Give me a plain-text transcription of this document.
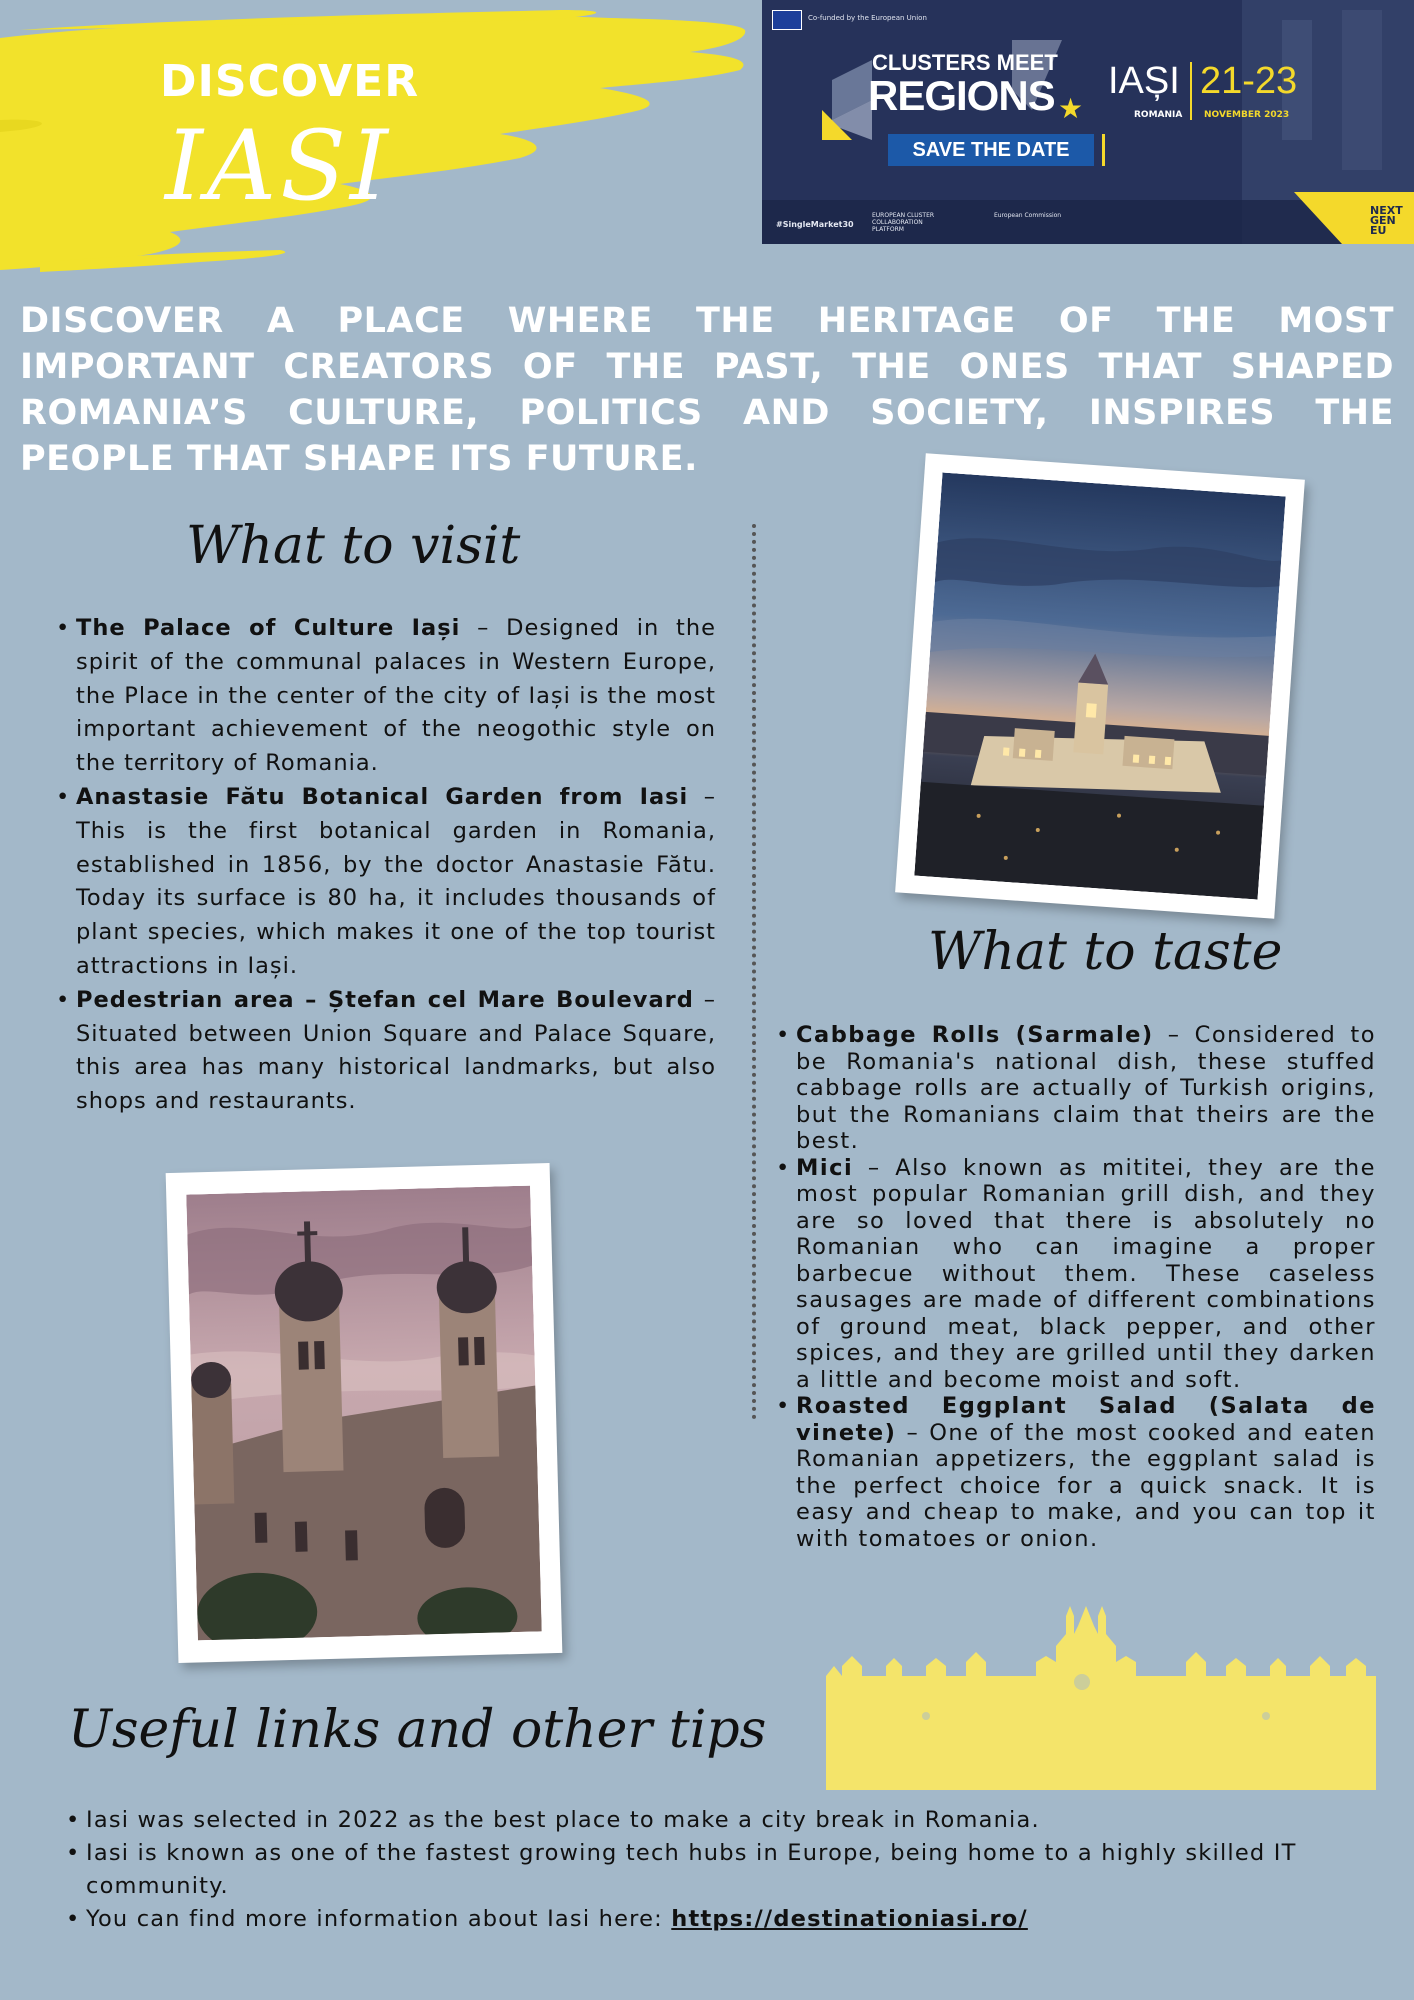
DISCOVER
IASI
Co-funded by the European Union
CLUSTERS MEET
REGIONS ★
SAVE THE DATE
IAȘI 21-23
ROMANIA NOVEMBER 2023
#SingleMarket30
EUROPEAN CLUSTER COLLABORATION PLATFORM
European Commission	NEXT GEN EU
DISCOVER A PLACE WHERE THE HERITAGE OF THE MOST IMPORTANT CREATORS OF THE PAST, THE ONES THAT SHAPED ROMANIA’S CULTURE, POLITICS AND SOCIETY, INSPIRES THE PEOPLE THAT SHAPE ITS FUTURE.
What to visit
• The Palace of Culture Iași – Designed in the spirit of the communal palaces in Western Europe, the Place in the center of the city of Iași is the most important achievement of the neogothic style on the territory of Romania.
• Anastasie Fătu Botanical Garden from Iasi – This is the first botanical garden in Romania, established in 1856, by the doctor Anastasie Fătu. Today its surface is 80 ha, it includes thousands of plant species, which makes it one of the top tourist attractions in Iași.
• Pedestrian area – Ștefan cel Mare Boulevard – Situated between Union Square and Palace Square, this area has many historical landmarks, but also shops and restaurants.
What to taste
• Cabbage Rolls (Sarmale) – Considered to be Romania's national dish, these stuffed cabbage rolls are actually of Turkish origins, but the Romanians claim that theirs are the best.
• Mici – Also known as mititei, they are the most popular Romanian grill dish, and they are so loved that there is absolutely no Romanian who can imagine a proper barbecue without them. These caseless sausages are made of different combinations of ground meat, black pepper, and other spices, and they are grilled until they darken a little and become moist and soft.
• Roasted Eggplant Salad (Salata de vinete) – One of the most cooked and eaten Romanian appetizers, the eggplant salad is the perfect choice for a quick snack. It is easy and cheap to make, and you can top it with tomatoes or onion.
Useful links and other tips
• Iasi was selected in 2022 as the best place to make a city break in Romania.
• Iasi is known as one of the fastest growing tech hubs in Europe, being home to a highly skilled IT community.
• You can find more information about Iasi here: https://destinationiasi.ro/
